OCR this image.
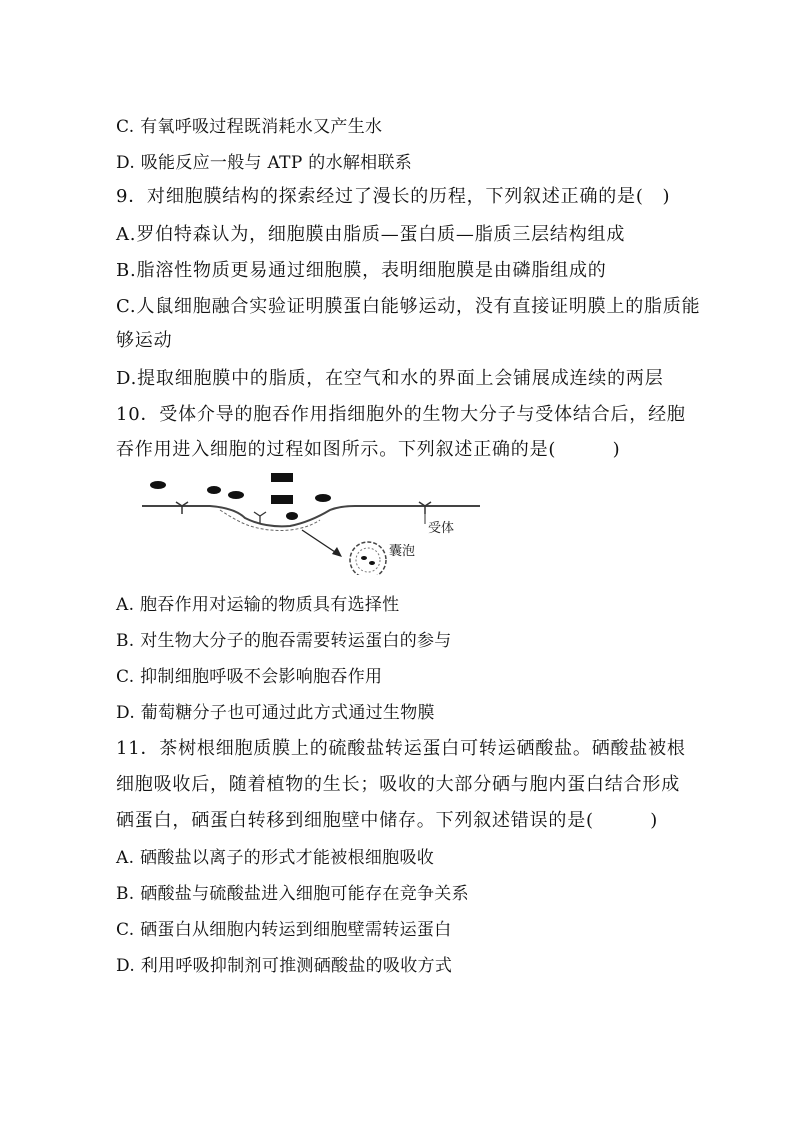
C. 有氧呼吸过程既消耗水又产生水
D. 吸能反应一般与 ATP 的水解相联系
9．对细胞膜结构的探索经过了漫长的历程，下列叙述正确的是(　)
A.罗伯特森认为，细胞膜由脂质—蛋白质—脂质三层结构组成
B.脂溶性物质更易通过细胞膜，表明细胞膜是由磷脂组成的
C.人鼠细胞融合实验证明膜蛋白能够运动，没有直接证明膜上的脂质能
够运动
D.提取细胞膜中的脂质，在空气和水的界面上会铺展成连续的两层
10．受体介导的胞吞作用指细胞外的生物大分子与受体结合后，经胞
吞作用进入细胞的过程如图所示。下列叙述正确的是(　　　)
受体
囊泡
A. 胞吞作用对运输的物质具有选择性
B. 对生物大分子的胞吞需要转运蛋白的参与
C. 抑制细胞呼吸不会影响胞吞作用
D. 葡萄糖分子也可通过此方式通过生物膜
11．茶树根细胞质膜上的硫酸盐转运蛋白可转运硒酸盐。硒酸盐被根
细胞吸收后，随着植物的生长；吸收的大部分硒与胞内蛋白结合形成
硒蛋白，硒蛋白转移到细胞壁中储存。下列叙述错误的是(　　　)
A. 硒酸盐以离子的形式才能被根细胞吸收
B. 硒酸盐与硫酸盐进入细胞可能存在竞争关系
C. 硒蛋白从细胞内转运到细胞壁需转运蛋白
D. 利用呼吸抑制剂可推测硒酸盐的吸收方式
